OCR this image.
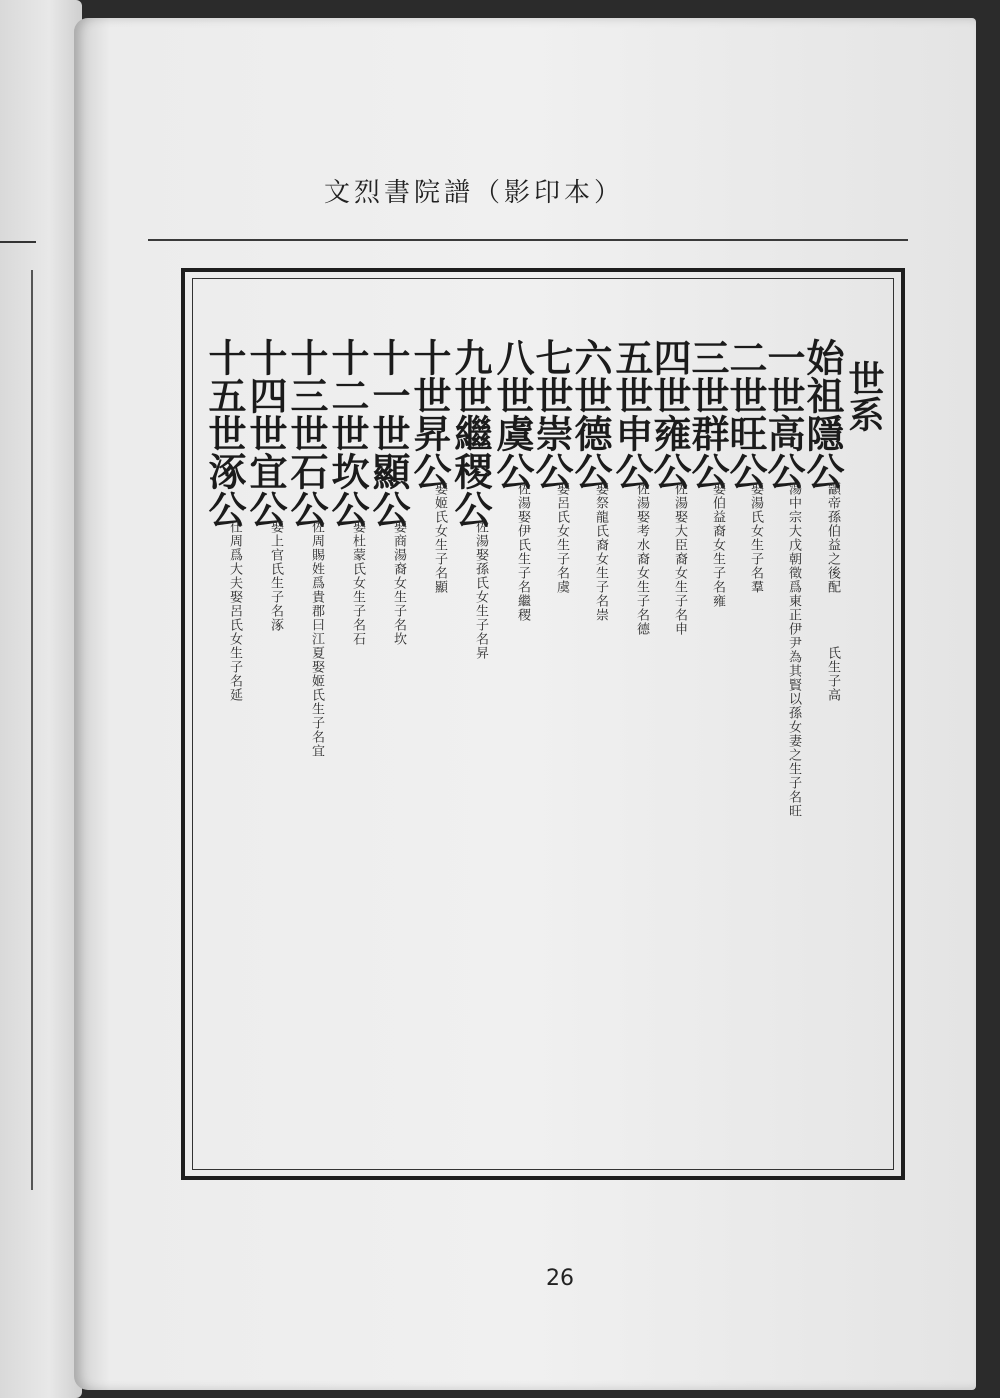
文烈書院譜（影印本）
世系
始祖隱公
顓帝孫伯益之後配
氏生子高
一世高公
湯中宗大戊朝徵爲東正伊尹為其賢以孫女妻之生子名旺
二世旺公
娶湯氏女生子名羣
三世群公
娶伯益裔女生子名雍
四世雍公
佐湯娶大臣裔女生子名申
五世申公
佐湯娶考水裔女生子名德
六世德公
娶祭龍氏裔女生子名崇
七世崇公
娶呂氏女生子名虞
八世虞公
佐湯娶伊氏生子名繼稷
九世繼稷公
佐湯娶孫氏女生子名昇
十世昇公
娶姬氏女生子名顯
十一世顯公
娶商湯裔女生子名坎
十二世坎公
娶杜蒙氏女生子名石
十三世石公
佐周賜姓爲貴郡曰江夏娶姬氏生子名宜
十四世宜公
娶上官氏生子名涿
十五世涿公
仕周爲大夫娶呂氏女生子名延
26
